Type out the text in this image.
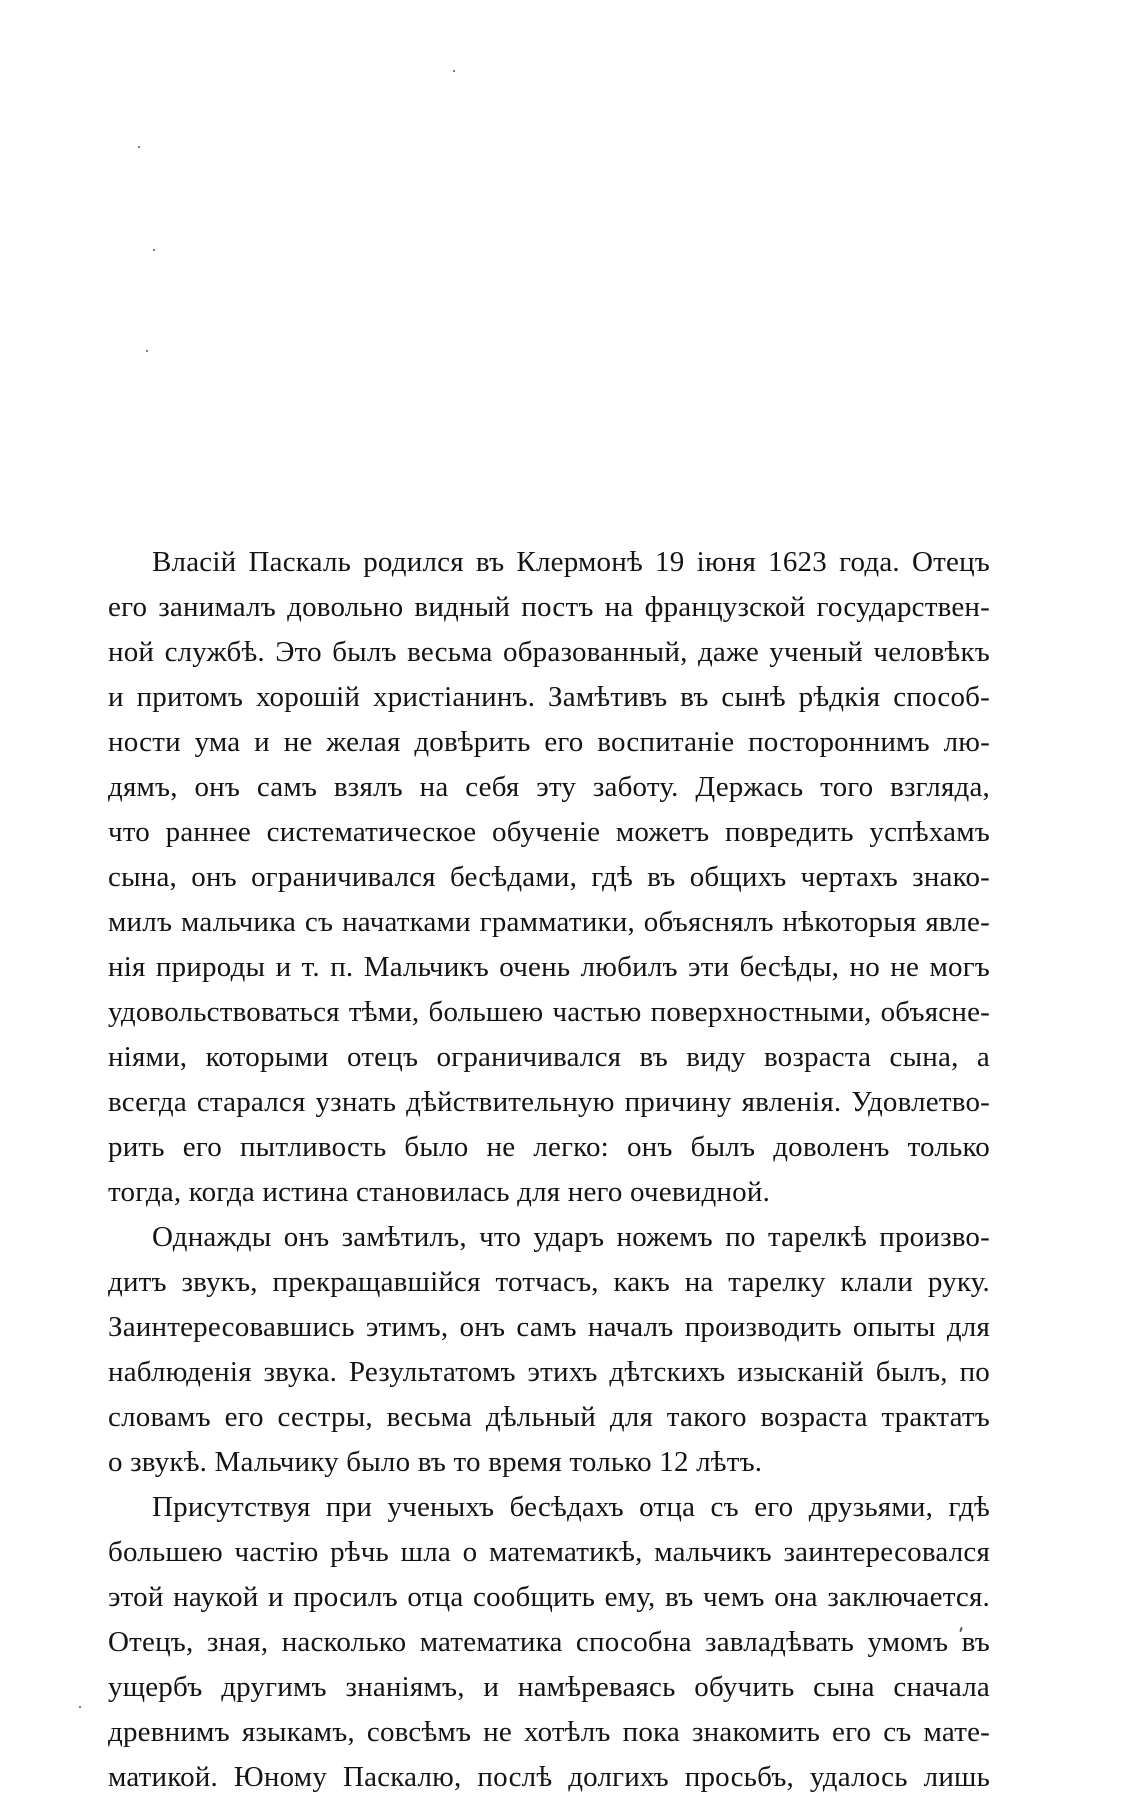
Власій Паскаль родился въ Клермонѣ 19 іюня 1623 года. Отецъ
его занималъ довольно видный постъ на французской государствен-
ной службѣ. Это былъ весьма образованный, даже ученый человѣкъ
и притомъ хорошій христіанинъ. Замѣтивъ въ сынѣ рѣдкія способ-
ности ума и не желая довѣрить его воспитаніе постороннимъ лю-
дямъ, онъ самъ взялъ на себя эту заботу. Держась того взгляда,
что раннее систематическое обученіе можетъ повредить успѣхамъ
сына, онъ ограничивался бесѣдами, гдѣ въ общихъ чертахъ знако-
милъ мальчика съ начатками грамматики, объяснялъ нѣкоторыя явле-
нія природы и т. п. Мальчикъ очень любилъ эти бесѣды, но не могъ
удовольствоваться тѣми, большею частью поверхностными, объясне-
ніями, которыми отецъ ограничивался въ виду возраста сына, а
всегда старался узнать дѣйствительную причину явленія. Удовлетво-
рить его пытливость было не легко: онъ былъ доволенъ только
тогда, когда истина становилась для него очевидной.
Однажды онъ замѣтилъ, что ударъ ножемъ по тарелкѣ произво-
дитъ звукъ, прекращавшійся тотчасъ, какъ на тарелку клали руку.
Заинтересовавшись этимъ, онъ самъ началъ производить опыты для
наблюденія звука. Результатомъ этихъ дѣтскихъ изысканій былъ, по
словамъ его сестры, весьма дѣльный для такого возраста трактатъ
о звукѣ. Мальчику было въ то время только 12 лѣтъ.
Присутствуя при ученыхъ бесѣдахъ отца съ его друзьями, гдѣ
большею частію рѣчь шла о математикѣ, мальчикъ заинтересовался
этой наукой и просилъ отца сообщить ему, въ чемъ она заключается.
Отецъ, зная, насколько математика способна завладѣвать умомъ въ
ущербъ другимъ знаніямъ, и намѣреваясь обучить сына сначала
древнимъ языкамъ, совсѣмъ не хотѣлъ пока знакомить его съ мате-
матикой. Юному Паскалю, послѣ долгихъ просьбъ, удалось лишь
